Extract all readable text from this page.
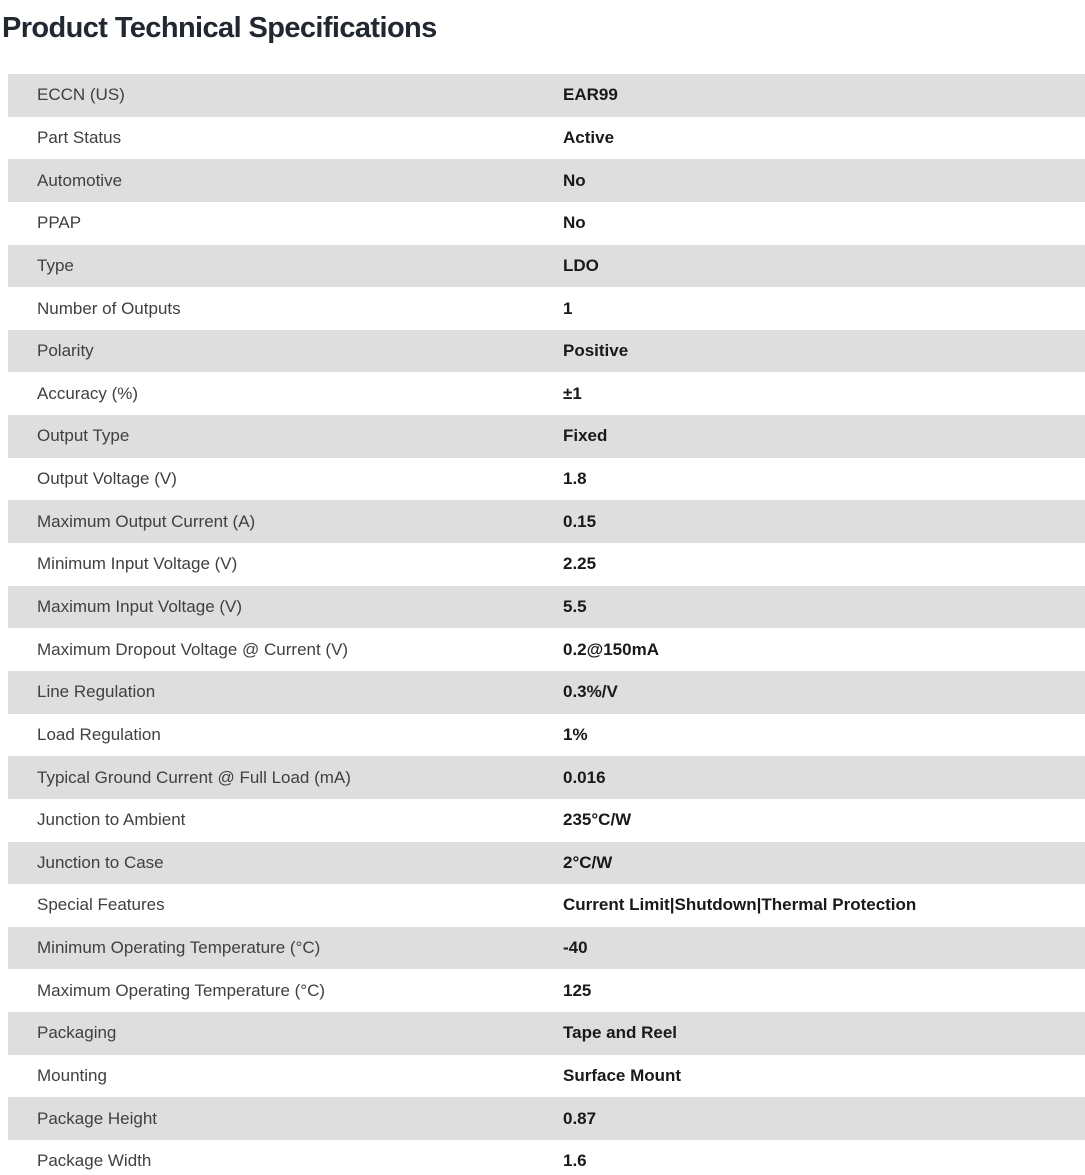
Product Technical Specifications
ECCN (US)	EAR99
Part Status	Active
Automotive	No
PPAP	No
Type	LDO
Number of Outputs	1
Polarity	Positive
Accuracy (%)	±1
Output Type	Fixed
Output Voltage (V)	1.8
Maximum Output Current (A)	0.15
Minimum Input Voltage (V)	2.25
Maximum Input Voltage (V)	5.5
Maximum Dropout Voltage @ Current (V)	0.2@150mA
Line Regulation	0.3%/V
Load Regulation	1%
Typical Ground Current @ Full Load (mA)	0.016
Junction to Ambient	235°C/W
Junction to Case	2°C/W
Special Features	Current Limit|Shutdown|Thermal Protection
Minimum Operating Temperature (°C)	-40
Maximum Operating Temperature (°C)	125
Packaging	Tape and Reel
Mounting	Surface Mount
Package Height	0.87
Package Width	1.6
